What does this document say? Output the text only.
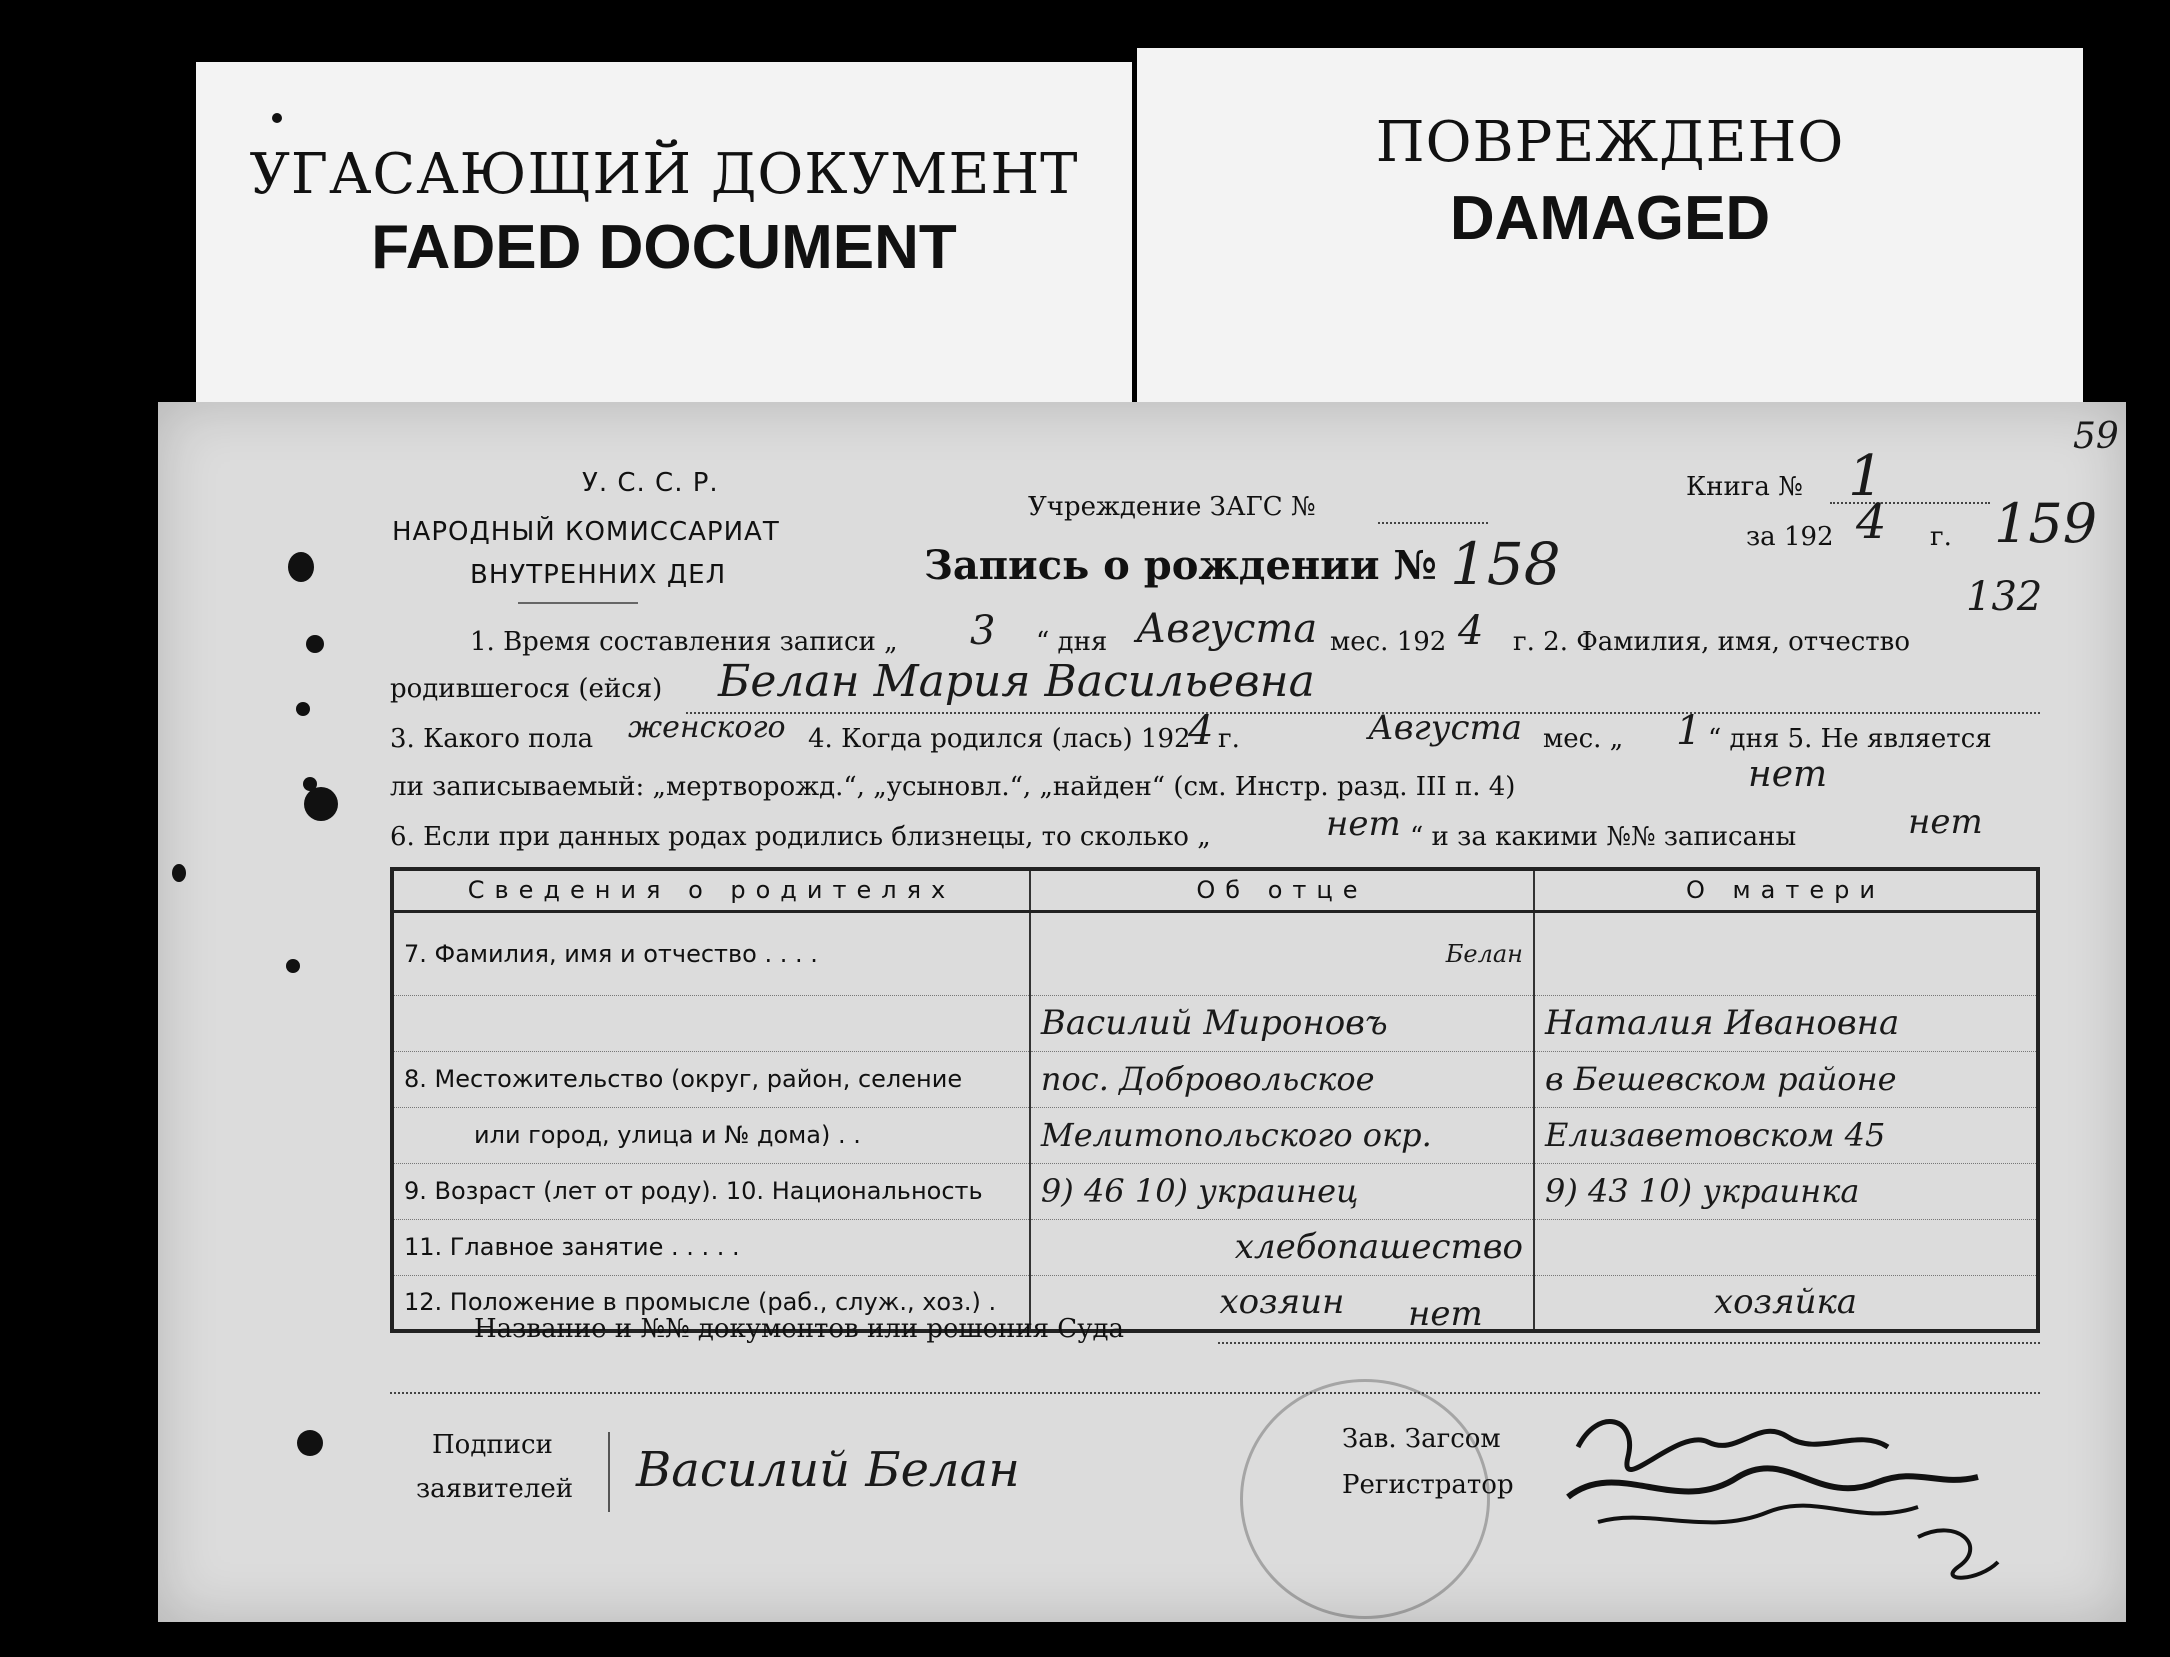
УГАСАЮЩИЙ ДОКУМЕНТ
FADED DOCUMENT
ПОВРЕЖДЕНО
DAMAGED
У. С. С. Р.
НАРОДНЫЙ КОМИССАРИАТ
ВНУТРЕННИХ ДЕЛ
Учреждение ЗАГС №
Книга № 1
за 192 4 г.
59
159
132
Запись о рождении № 158
1. Время составления записи „ 3 “ дня Августа мес. 192 4 г. 2. Фамилия, имя, отчество
родившегося (ейся) Белан Мария Васильевна
3. Какого пола женского 4. Когда родился (лась) 192
4 г.	Августа мес. „ 1 “ дня 5. Не является
ли записываемый: „мертворожд.“, „усыновл.“, „найден“ (см. Инстр. разд. III п. 4)	нет
6. Если при данных родах родились близнецы, то сколько „	нет “ и за какими №№ записаны	нет
Сведения о родителях	Об отце	О матери
7. Фамилия, имя и отчество . . . .	Белан	
	Василий Мироновъ	Наталия Ивановна
8. Местожительство (округ, район, селение	пос. Добровольское	в Бешевском районе
или город, улица и № дома) . .	Мелитопольского окр.	Елизаветовском 45
9. Возраст (лет от роду). 10. Национальность	9) 46 10) украинец	9) 43 10) украинка
11. Главное занятие . . . . .	хлебопашество	
12. Положение в промысле (раб., служ., хоз.) .	хозяин	хозяйка
Название и №№ документов или решения Суда	нет
Подписи
заявителей Василий Белан
Зав. Загсом
Регистратор
